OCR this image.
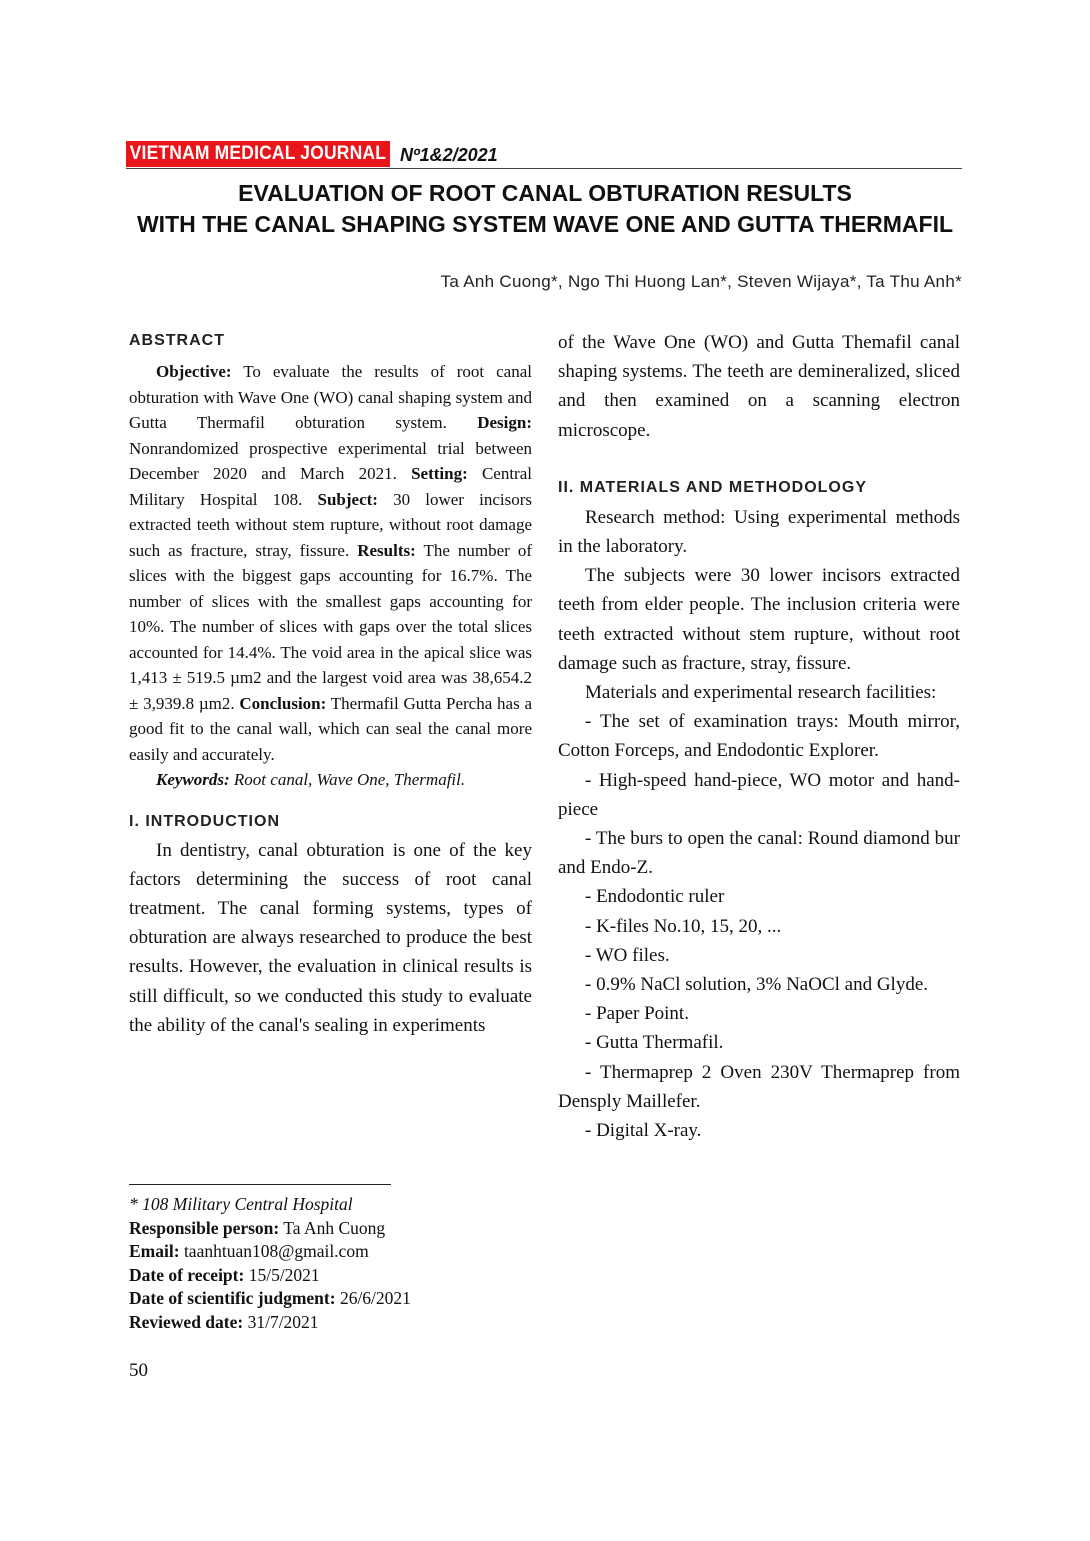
VIETNAM MEDICAL JOURNAL Nº1&2/2021
EVALUATION OF ROOT CANAL OBTURATION RESULTS
WITH THE CANAL SHAPING SYSTEM WAVE ONE AND GUTTA THERMAFIL
Ta Anh Cuong*, Ngo Thi Huong Lan*, Steven Wijaya*, Ta Thu Anh*
ABSTRACT

Objective: To evaluate the results of root canal obturation with Wave One (WO) canal shaping system and Gutta Thermafil obturation system. Design: Nonrandomized prospective experimental trial between December 2020 and March 2021. Setting: Central Military Hospital 108. Subject: 30 lower incisors extracted teeth without stem rupture, without root damage such as fracture, stray, fissure. Results: The number of slices with the biggest gaps accounting for 16.7%. The number of slices with the smallest gaps accounting for 10%. The number of slices with gaps over the total slices accounted for 14.4%. The void area in the apical slice was 1,413 ± 519.5 µm2 and the largest void area was 38,654.2 ± 3,939.8 µm2. Conclusion: Thermafil Gutta Percha has a good fit to the canal wall, which can seal the canal more easily and accurately.

Keywords: Root canal, Wave One, Thermafil.

I. INTRODUCTION

In dentistry, canal obturation is one of the key factors determining the success of root canal treatment. The canal forming systems, types of obturation are always researched to produce the best results. However, the evaluation in clinical results is still difficult, so we conducted this study to evaluate the ability of the canal's sealing in experiments

of the Wave One (WO) and Gutta Themafil canal shaping systems. The teeth are demineralized, sliced and then examined on a scanning electron microscope.

II. MATERIALS AND METHODOLOGY

Research method: Using experimental methods in the laboratory.

The subjects were 30 lower incisors extracted teeth from elder people. The inclusion criteria were teeth extracted without stem rupture, without root damage such as fracture, stray, fissure.

Materials and experimental research facilities:

- The set of examination trays: Mouth mirror, Cotton Forceps, and Endodontic Explorer.

- High-speed hand-piece, WO motor and hand-piece

- The burs to open the canal: Round diamond bur and Endo-Z.

- Endodontic ruler

- K-files No.10, 15, 20, ...

- WO files.

- 0.9% NaCl solution, 3% NaOCl and Glyde.

- Paper Point.

- Gutta Thermafil.

- Thermaprep 2 Oven 230V Thermaprep from Densply Maillefer.

- Digital X-ray.

* 108 Military Central Hospital

Responsible person: Ta Anh Cuong

Email: taanhtuan108@gmail.com

Date of receipt: 15/5/2021

Date of scientific judgment: 26/6/2021

Reviewed date: 31/7/2021

50
